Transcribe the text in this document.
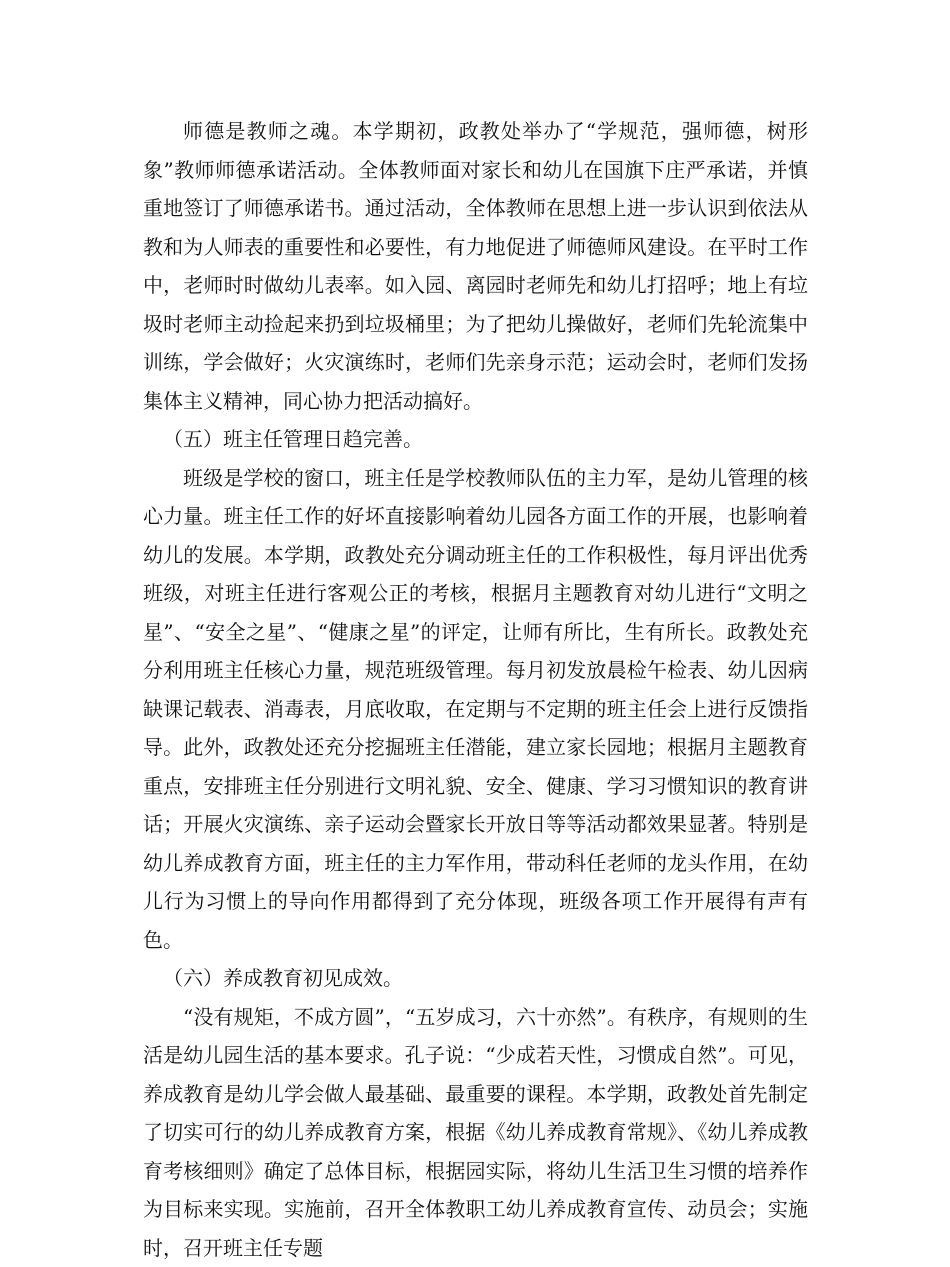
师德是教师之魂。本学期初，政教处举办了“学规范，强师德，树形象”教师师德承诺活动。全体教师面对家长和幼儿在国旗下庄严承诺，并慎重地签订了师德承诺书。通过活动，全体教师在思想上进一步认识到依法从教和为人师表的重要性和必要性，有力地促进了师德师风建设。在平时工作中，老师时时做幼儿表率。如入园、离园时老师先和幼儿打招呼；地上有垃圾时老师主动捡起来扔到垃圾桶里；为了把幼儿操做好，老师们先轮流集中训练，学会做好；火灾演练时，老师们先亲身示范；运动会时，老师们发扬集体主义精神，同心协力把活动搞好。

（五）班主任管理日趋完善。

班级是学校的窗口，班主任是学校教师队伍的主力军，是幼儿管理的核心力量。班主任工作的好坏直接影响着幼儿园各方面工作的开展，也影响着幼儿的发展。本学期，政教处充分调动班主任的工作积极性，每月评出优秀班级，对班主任进行客观公正的考核，根据月主题教育对幼儿进行“文明之星”、“安全之星”、“健康之星”的评定，让师有所比，生有所长。政教处充分利用班主任核心力量，规范班级管理。每月初发放晨检午检表、幼儿因病缺课记载表、消毒表，月底收取，在定期与不定期的班主任会上进行反馈指导。此外，政教处还充分挖掘班主任潜能，建立家长园地；根据月主题教育重点，安排班主任分别进行文明礼貌、安全、健康、学习习惯知识的教育讲话；开展火灾演练、亲子运动会暨家长开放日等等活动都效果显著。特别是幼儿养成教育方面，班主任的主力军作用，带动科任老师的龙头作用，在幼儿行为习惯上的导向作用都得到了充分体现，班级各项工作开展得有声有色。

（六）养成教育初见成效。

“没有规矩，不成方圆”，“五岁成习，六十亦然”。有秩序，有规则的生活是幼儿园生活的基本要求。孔子说：“少成若天性，习惯成自然”。可见，养成教育是幼儿学会做人最基础、最重要的课程。本学期，政教处首先制定了切实可行的幼儿养成教育方案，根据《幼儿养成教育常规》、《幼儿养成教育考核细则》确定了总体目标，根据园实际，将幼儿生活卫生习惯的培养作为目标来实现。实施前，召开全体教职工幼儿养成教育宣传、动员会；实施时，召开班主任专题
